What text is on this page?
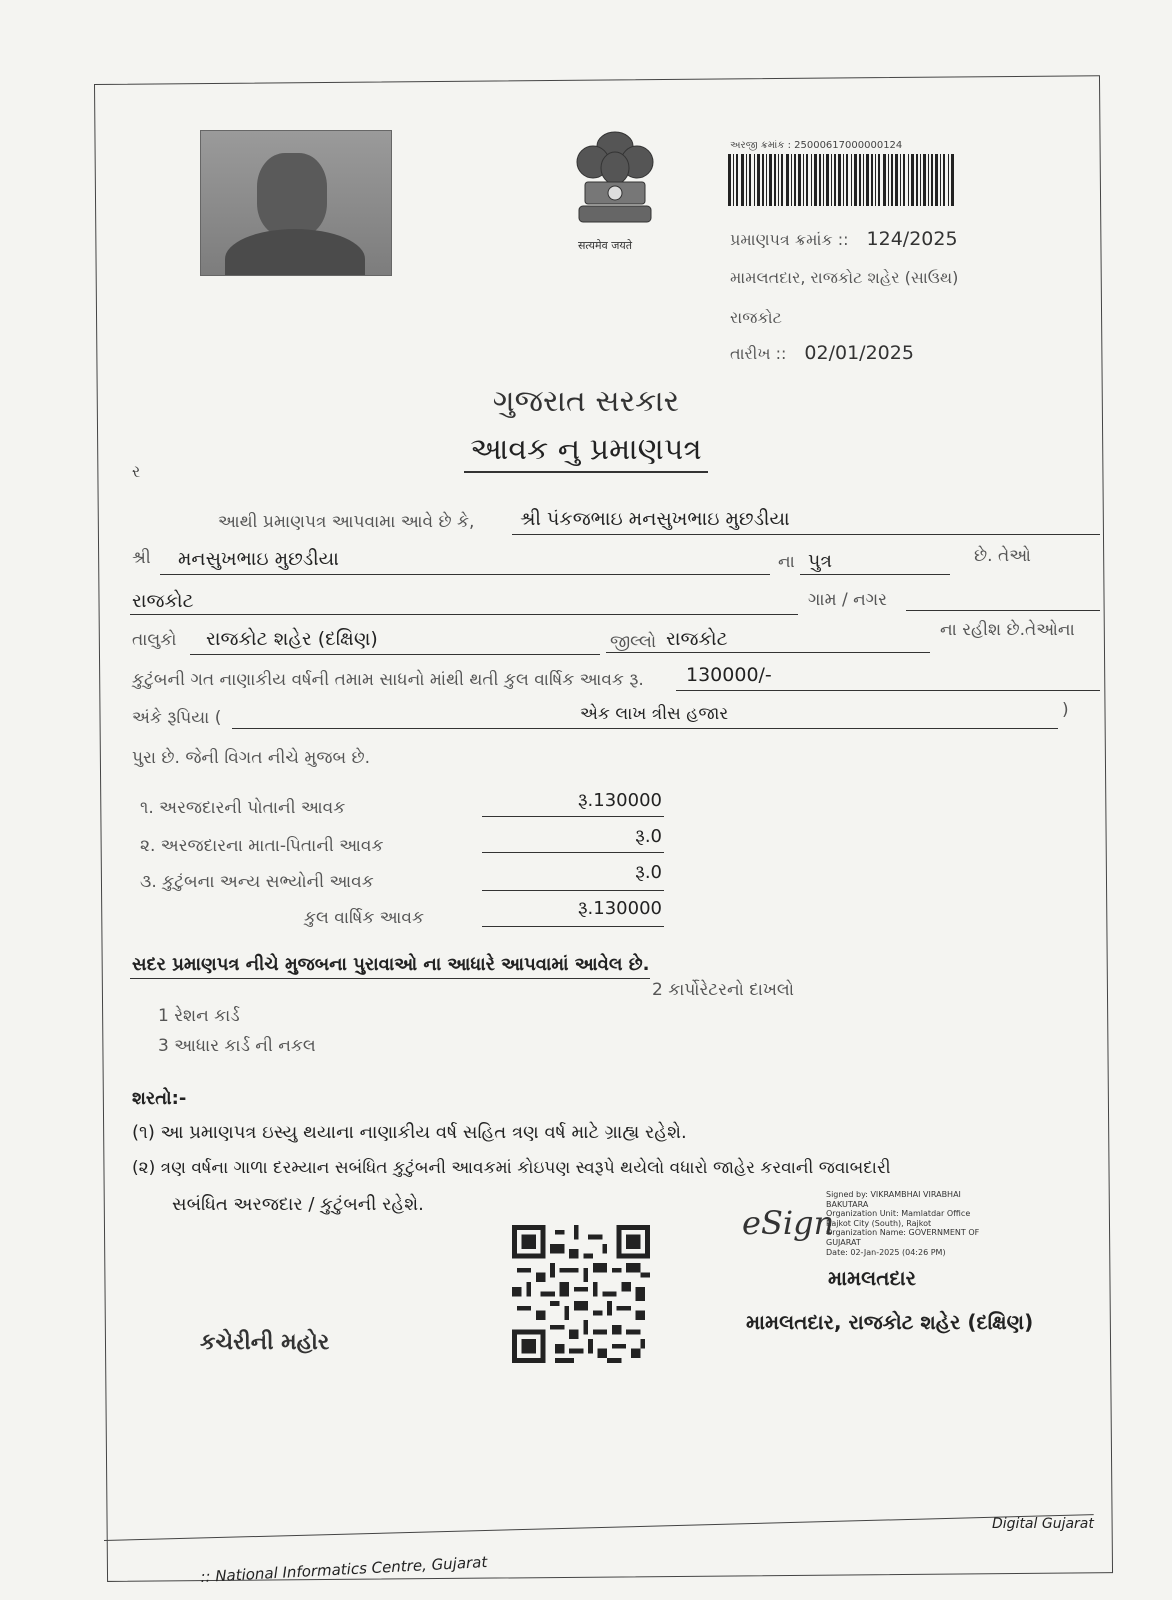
सत्यमेव जयते
અરજી ક્રમાંક : 25000617000000124
પ્રમાણપત્ર ક્રમાંક :: 124/2025
મામલતદાર, રાજકોટ શહેર (સાઉથ)
રાજકોટ
તારીખ :: 02/01/2025
ગુજરાત સરકાર
આવક નુ પ્રમાણપત્ર
ર
આથી પ્રમાણપત્ર આપવામા આવે છે કે, શ્રી પંકજભાઇ મનસુખભાઇ મુછડીયા
શ્રી મનસુખભાઇ મુછડીયા	ના પુત્ર	છે. તેઓ
રાજકોટ	ગામ / નગર
તાલુકો રાજકોટ શહેર (દક્ષિણ)	જીલ્લો રાજકોટ	ના રહીશ છે.તેઓના
કુટુંબની ગત નાણાકીય વર્ષની તમામ સાધનો માંથી થતી કુલ વાર્ષિક આવક રૂ. 130000/-
અંકે રૂપિયા (	એક લાખ ત્રીસ હજાર	)
પુરા છે. જેની વિગત નીચે મુજબ છે.
૧. અરજદારની પોતાની આવક	રૂ.130000
૨. અરજદારના માતા-પિતાની આવક	રૂ.0
૩. કુટુંબના અન્ય સભ્યોની આવક	રૂ.0
કુલ વાર્ષિક આવક	રૂ.130000
સદર પ્રમાણપત્ર નીચે મુજબના પુરાવાઓ ના આધારે આપવામાં આવેલ છે.
1 રેશન કાર્ડ
2 કાર્પોરેટરનો દાખલો
3 આધાર કાર્ડ ની નકલ
શરતો:-
(૧) આ પ્રમાણપત્ર ઇસ્યુ થયાના નાણાકીય વર્ષ સહિત ત્રણ વર્ષ માટે ગ્રાહ્ય રહેશે.
(૨) ત્રણ વર્ષના ગાળા દરમ્યાન સબંધિત કુટુંબની આવકમાં કોઇપણ સ્વરૂપે થયેલો વધારો જાહેર કરવાની જવાબદારી
સબંધિત અરજદાર / કુટુંબની રહેશે.	eSign
Signed by: VIKRAMBHAI VIRABHAI
BAKUTARA
Organization Unit: Mamlatdar Office
Rajkot City (South), Rajkot
Organization Name: GOVERNMENT OF
GUJARAT
Date: 02-Jan-2025 (04:26 PM)
મામલતદાર
મામલતદાર, રાજકોટ શહેર (દક્ષિણ)
કચેરીની મહોર
Digital Gujarat
:: National Informatics Centre, Gujarat
